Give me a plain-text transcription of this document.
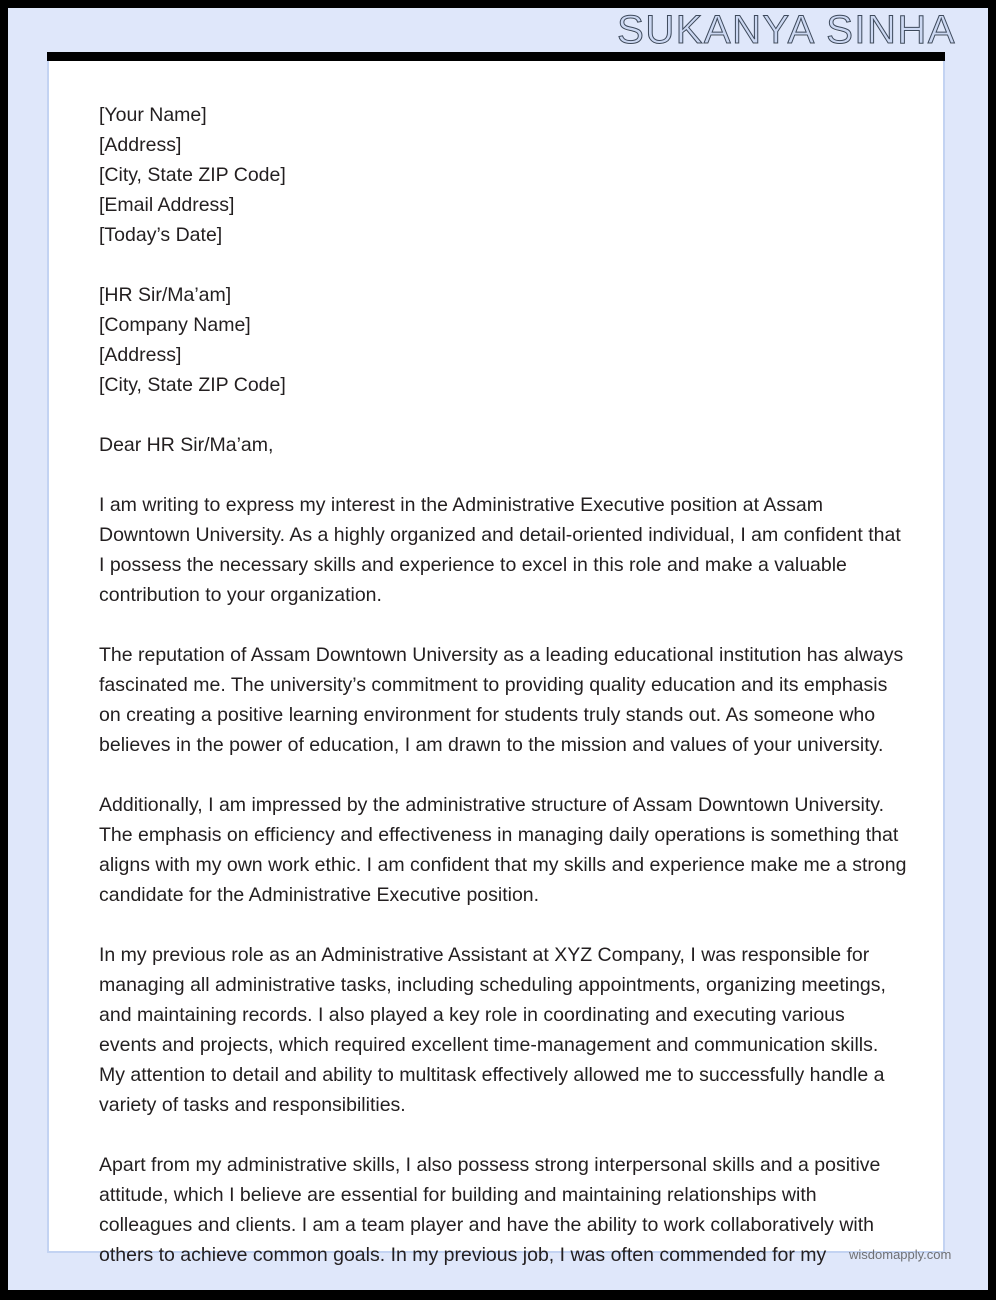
SUKANYA SINHA
[Your Name]
[Address]
[City, State ZIP Code]
[Email Address]
[Today’s Date]
[HR Sir/Ma’am]
[Company Name]
[Address]
[City, State ZIP Code]

Dear HR Sir/Ma’am,

I am writing to express my interest in the Administrative Executive position at Assam Downtown University. As a highly organized and detail-oriented individual, I am confident that I possess the necessary skills and experience to excel in this role and make a valuable contribution to your organization.

The reputation of Assam Downtown University as a leading educational institution has always fascinated me. The university’s commitment to providing quality education and its emphasis on creating a positive learning environment for students truly stands out. As someone who believes in the power of education, I am drawn to the mission and values of your university.

Additionally, I am impressed by the administrative structure of Assam Downtown University. The emphasis on efficiency and effectiveness in managing daily operations is something that aligns with my own work ethic. I am confident that my skills and experience make me a strong candidate for the Administrative Executive position.

In my previous role as an Administrative Assistant at XYZ Company, I was responsible for managing all administrative tasks, including scheduling appointments, organizing meetings, and maintaining records. I also played a key role in coordinating and executing various events and projects, which required excellent time-management and communication skills. My attention to detail and ability to multitask effectively allowed me to successfully handle a variety of tasks and responsibilities.

Apart from my administrative skills, I also possess strong interpersonal skills and a positive attitude, which I believe are essential for building and maintaining relationships with colleagues and clients. I am a team player and have the ability to work collaboratively with others to achieve common goals. In my previous job, I was often commended for my	wisdomapply.com
